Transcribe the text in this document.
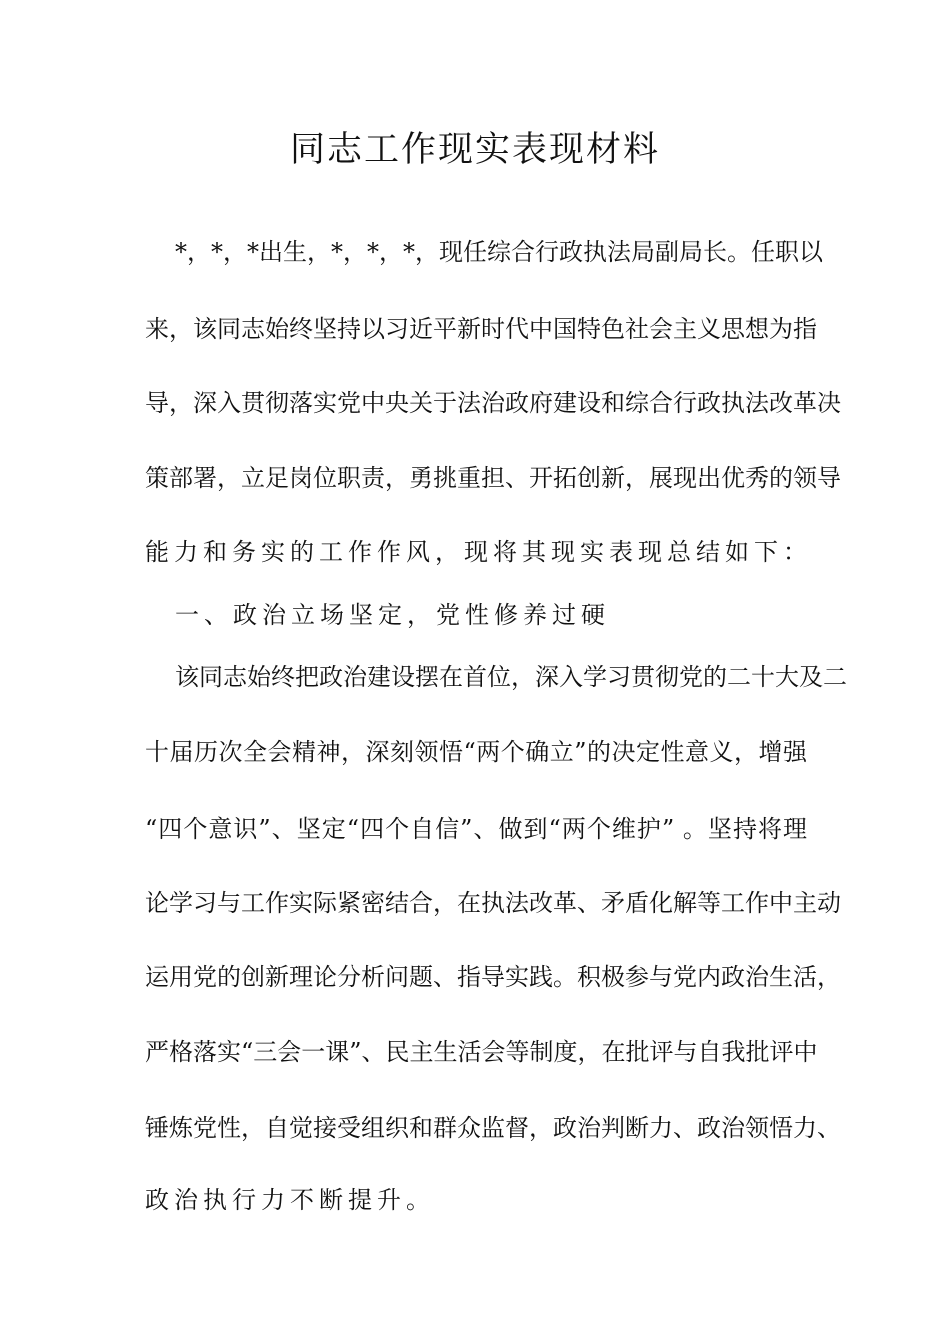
同志工作现实表现材料
*，*，*出生，*，*，*，现任综合行政执法局副局长。任职以
来，该同志始终坚持以习近平新时代中国特色社会主义思想为指
导，深入贯彻落实党中央关于法治政府建设和综合行政执法改革决
策部署，立足岗位职责，勇挑重担、开拓创新，展现出优秀的领导
能力和务实的工作作风，现将其现实表现总结如下：
一、政治立场坚定，党性修养过硬
该同志始终把政治建设摆在首位，深入学习贯彻党的二十大及二
十届历次全会精神，深刻领悟“两个确立”的决定性意义，增强
“四个意识”、坚定“四个自信”、做到“两个维护” 。坚持将理
论学习与工作实际紧密结合，在执法改革、矛盾化解等工作中主动
运用党的创新理论分析问题、指导实践。积极参与党内政治生活，
严格落实“三会一课”、民主生活会等制度，在批评与自我批评中
锤炼党性，自觉接受组织和群众监督，政治判断力、政治领悟力、
政治执行力不断提升。
